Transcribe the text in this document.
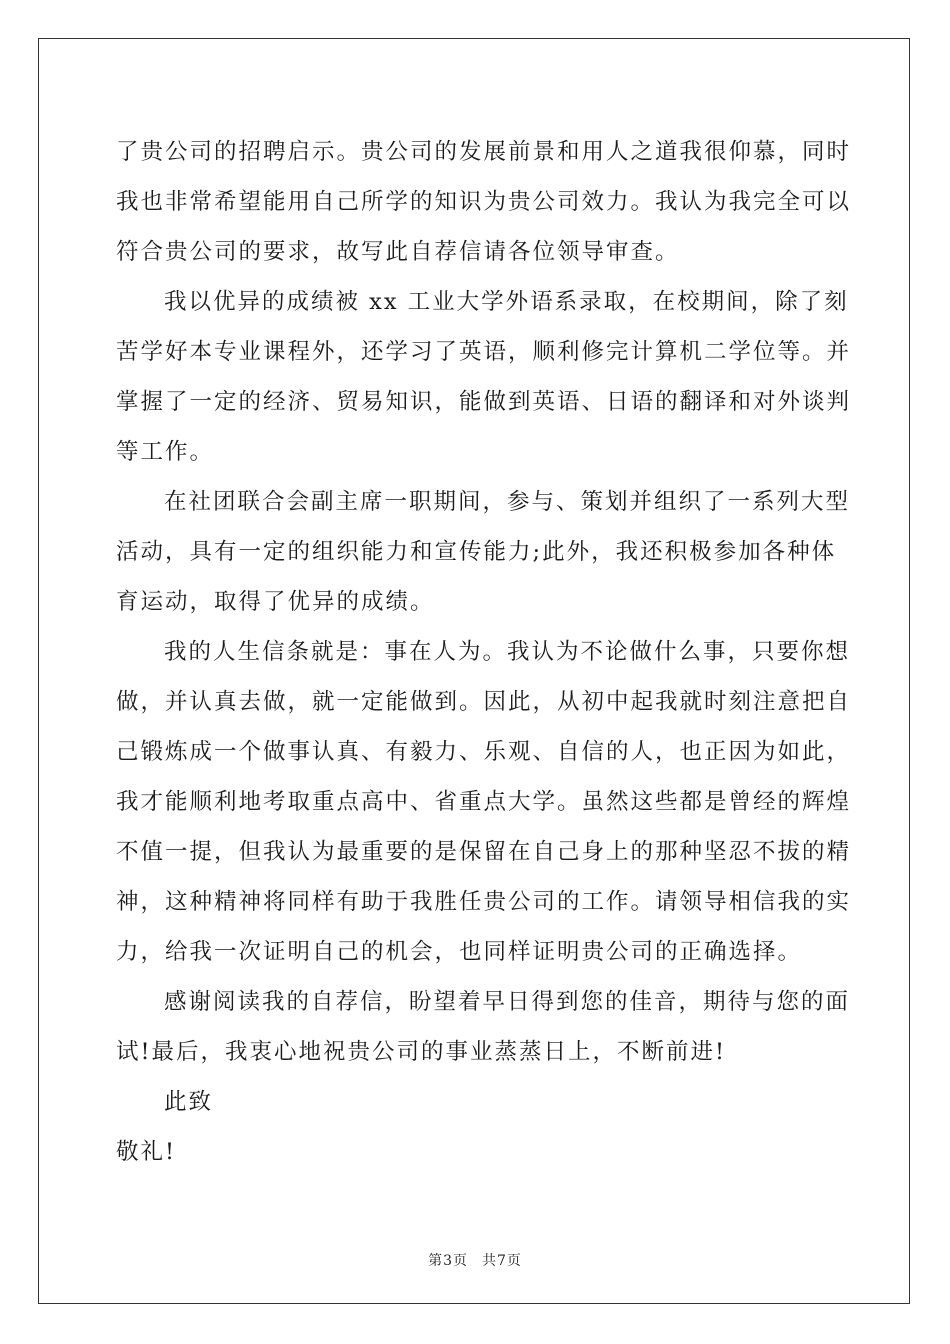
了贵公司的招聘启示。贵公司的发展前景和用人之道我很仰慕，同时
我也非常希望能用自己所学的知识为贵公司效力。我认为我完全可以
符合贵公司的要求，故写此自荐信请各位领导审查。
我以优异的成绩被 xx 工业大学外语系录取，在校期间，除了刻
苦学好本专业课程外，还学习了英语，顺利修完计算机二学位等。并
掌握了一定的经济、贸易知识，能做到英语、日语的翻译和对外谈判
等工作。
在社团联合会副主席一职期间，参与、策划并组织了一系列大型
活动，具有一定的组织能力和宣传能力;此外，我还积极参加各种体
育运动，取得了优异的成绩。
我的人生信条就是：事在人为。我认为不论做什么事，只要你想
做，并认真去做，就一定能做到。因此，从初中起我就时刻注意把自
己锻炼成一个做事认真、有毅力、乐观、自信的人，也正因为如此，
我才能顺利地考取重点高中、省重点大学。虽然这些都是曾经的辉煌
不值一提，但我认为最重要的是保留在自己身上的那种坚忍不拔的精
神，这种精神将同样有助于我胜任贵公司的工作。请领导相信我的实
力，给我一次证明自己的机会，也同样证明贵公司的正确选择。
感谢阅读我的自荐信，盼望着早日得到您的佳音，期待与您的面
试!最后，我衷心地祝贵公司的事业蒸蒸日上，不断前进!
此致
敬礼!
第3页 共7页
